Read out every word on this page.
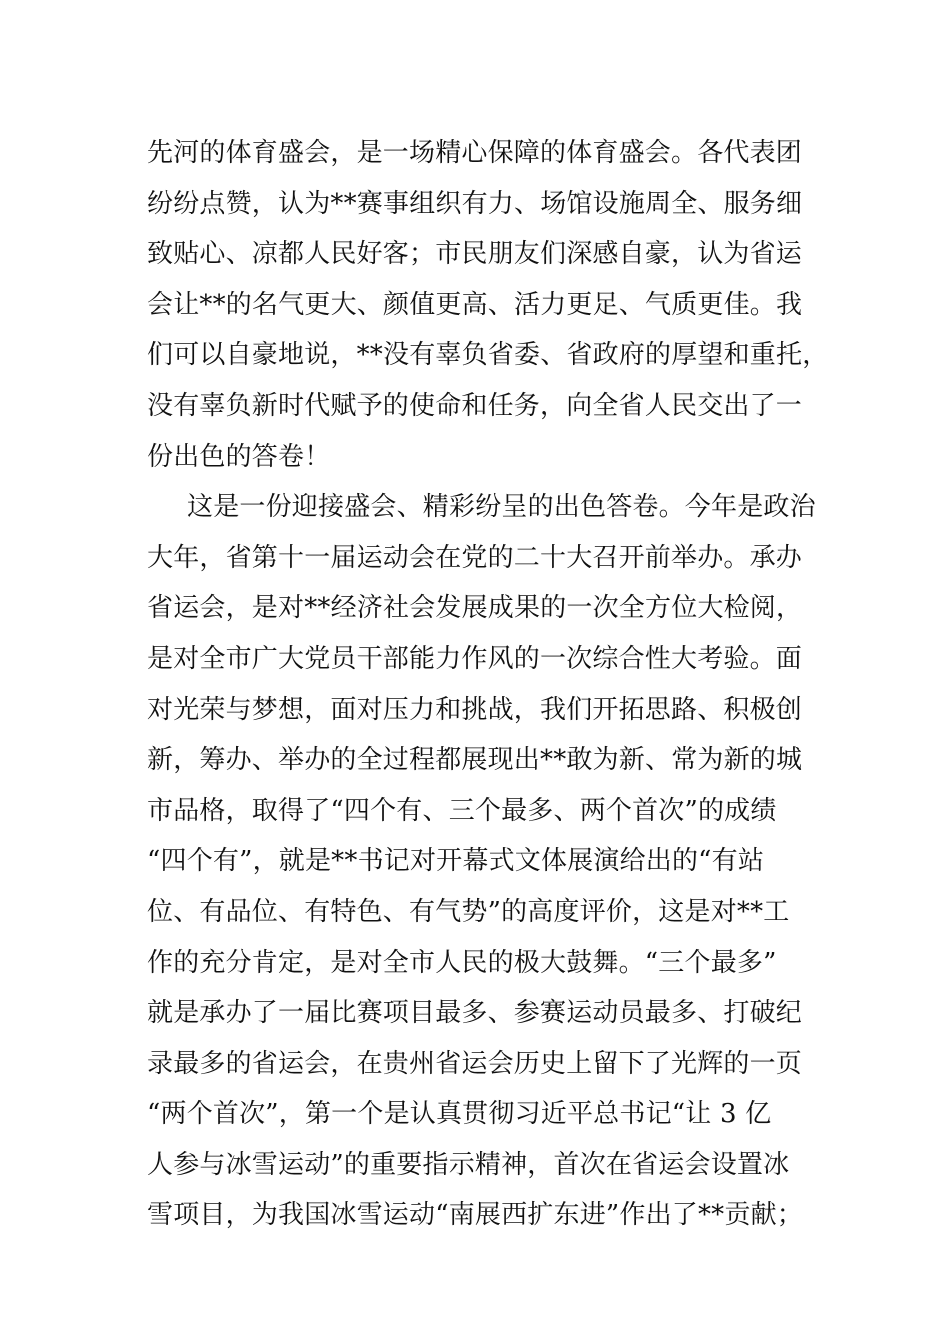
先河的体育盛会，是一场精心保障的体育盛会。各代表团
纷纷点赞，认为**赛事组织有力、场馆设施周全、服务细
致贴心、凉都人民好客；市民朋友们深感自豪，认为省运
会让**的名气更大、颜值更高、活力更足、气质更佳。我
们可以自豪地说，**没有辜负省委、省政府的厚望和重托，
没有辜负新时代赋予的使命和任务，向全省人民交出了一
份出色的答卷！
这是一份迎接盛会、精彩纷呈的出色答卷。今年是政治
大年，省第十一届运动会在党的二十大召开前举办。承办
省运会，是对**经济社会发展成果的一次全方位大检阅，
是对全市广大党员干部能力作风的一次综合性大考验。面
对光荣与梦想，面对压力和挑战，我们开拓思路、积极创
新，筹办、举办的全过程都展现出**敢为新、常为新的城
市品格，取得了“四个有、三个最多、两个首次”的成绩
“四个有”，就是**书记对开幕式文体展演给出的“有站
位、有品位、有特色、有气势”的高度评价，这是对**工
作的充分肯定，是对全市人民的极大鼓舞。“三个最多”
就是承办了一届比赛项目最多、参赛运动员最多、打破纪
录最多的省运会，在贵州省运会历史上留下了光辉的一页
“两个首次”，第一个是认真贯彻习近平总书记“让 3 亿
人参与冰雪运动”的重要指示精神，首次在省运会设置冰
雪项目，为我国冰雪运动“南展西扩东进”作出了**贡献；
